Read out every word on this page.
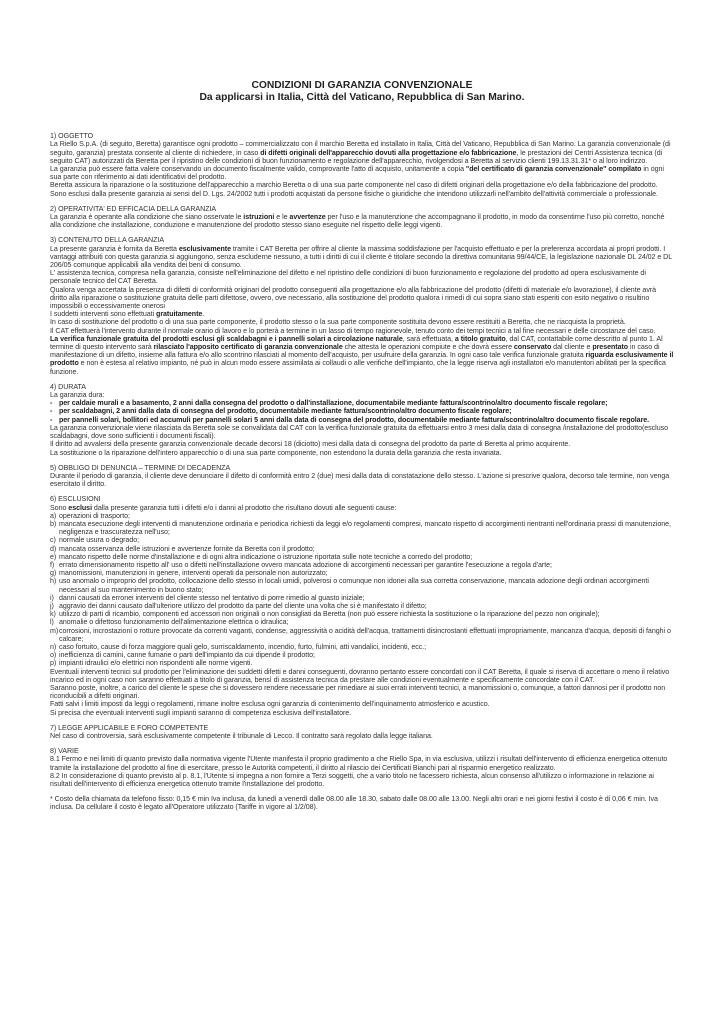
CONDIZIONI DI GARANZIA CONVENZIONALE
Da applicarsi in Italia, Città del Vaticano, Repubblica di San Marino.

1) OGGETTO

La Riello S.p.A. (di seguito, Beretta) garantisce ogni prodotto – commercializzato con il marchio Beretta ed installato in Italia, Città del Vaticano, Repubblica di San Marino. La garanzia convenzionale (di seguito, garanzia) prestata consente al cliente di richiedere, in caso di difetti originali dell'apparecchio dovuti alla progettazione e/o fabbricazione, le prestazioni dei Centri Assistenza tecnica (di seguito CAT) autorizzati da Beretta per il ripristino delle condizioni di buon funzionamento e regolazione dell'apparecchio, rivolgendosi a Beretta al servizio clienti 199.13.31.31* o al loro indirizzo.

La garanzia può essere fatta valere conservando un documento fiscalmente valido, comprovante l'atto di acquisto, unitamente a copia "del certificato di garanzia convenzionale" compilato in ogni sua parte con riferimento ai dati identificativi del prodotto.

Beretta assicura la riparazione o la sostituzione dell'apparecchio a marchio Beretta o di una sua parte componente nel caso di difetti originari della progettazione e/o della fabbricazione del prodotto.

Sono esclusi dalla presente garanzia ai sensi del D. Lgs. 24/2002 tutti i prodotti acquistati da persone fisiche o giuridiche che intendono utilizzarli nell'ambito dell'attività commerciale o professionale.

2) OPERATIVITA' ED EFFICACIA DELLA GARANZIA

La garanzia è operante alla condizione che siano osservate le istruzioni e le avvertenze per l'uso e la manutenzione che accompagnano il prodotto, in modo da consentirne l'uso più corretto, nonché alla condizione che installazione, conduzione e manutenzione del prodotto stesso siano eseguite nel rispetto delle leggi vigenti.

3) CONTENUTO DELLA GARANZIA

La presente garanzia è fornita da Beretta esclusivamente tramite i CAT Beretta per offrire al cliente la massima soddisfazione per l'acquisto effettuato e per la preferenza accordata ai propri prodotti. I vantaggi attribuiti con questa garanzia si aggiungono, senza escluderne nessuno, a tutti i diritti di cui il cliente è titolare secondo la direttiva comunitaria 99/44/CE, la legislazione nazionale DL 24/02 e DL 206/05 comunque applicabili alla vendita dei beni di consumo.

L' assistenza tecnica, compresa nella garanzia, consiste nell'eliminazione del difetto e nel ripristino delle condizioni di buon funzionamento e regolazione del prodotto ad opera esclusivamente di personale tecnico del CAT Beretta.

Qualora venga accertata la presenza di difetti di conformità originari del prodotto conseguenti alla progettazione e/o alla fabbricazione del prodotto (difetti di materiale e/o lavorazione), il cliente avrà diritto alla riparazione o sostituzione gratuita delle parti difettose, ovvero, ove necessario, alla sostituzione del prodotto qualora i rimedi di cui sopra siano stati esperiti con esito negativo o risultino impossibili o eccessivamente onerosi

I suddetti interventi sono effettuati gratuitamente.

In caso di sostituzione del prodotto o di una sua parte componente, il prodotto stesso o la sua parte componente sostituita devono essere restituiti a Beretta, che ne riacquista la proprietà.

Il CAT effettuerà l'intervento durante il normale orario di lavoro e lo porterà a termine in un lasso di tempo ragionevole, tenuto conto dei tempi tecnici a tal fine necessari e delle circostanze del caso.

La verifica funzionale gratuita del prodotti esclusi gli scaldabagni e i pannelli solari a circolazione naturale, sarà effettuata, a titolo gratuito, dal CAT, contattabile come descritto al punto 1. Al termine di questo intervento sarà rilasciato l'apposito certificato di garanzia convenzionale che attesta le operazioni compiute e che dovrà essere conservato dal cliente e presentato in caso di manifestazione di un difetto, insieme alla fattura e/o allo scontrino rilasciati al momento dell'acquisto, per usufruire della garanzia. In ogni caso tale verifica funzionale gratuita riguarda esclusivamente il prodotto e non è estesa al relativo impianto, né può in alcun modo essere assimilata ai collaudi o alle verifiche dell'impianto, che la legge riserva agli installatori e/o manutentori abilitati per la specifica funzione.

4) DURATA

La garanzia dura:

- per caldaie murali e a basamento, 2 anni dalla consegna del prodotto o dall'installazione, documentabile mediante fattura/scontrino/altro documento fiscale regolare;
- per scaldabagni, 2 anni dalla data di consegna del prodotto, documentabile mediante fattura/scontrino/altro documento fiscale regolare;
- per pannelli solari, bollitori ed accumuli per pannelli solari 5 anni dalla data di consegna del prodotto, documentabile mediante fattura/scontrino/altro documento fiscale regolare.

La garanzia convenzionale viene rilasciata da Beretta sole se convalidata dal CAT con la verifica funzionale gratuita da effettuarsi entro 3 mesi dalla data di consegna /installazione del prodotto(escluso scaldabagni, dove sono sufficienti i documenti fiscali).

Il diritto ad avvalersi della presente garanzia convenzionale decade decorsi 18 (diciotto) mesi dalla data di consegna del prodotto da parte di Beretta al primo acquirente.

La sostituzione o la riparazione dell'intero apparecchio o di una sua parte componente, non estendono la durata della garanzia che resta invariata.

5) OBBLIGO DI DENUNCIA – TERMINE DI DECADENZA

Durante il periodo di garanzia, il cliente deve denunciare il difetto di conformità entro 2 (due) mesi dalla data di constatazione dello stesso. L'azione si prescrive qualora, decorso tale termine, non venga esercitato il diritto.

6) ESCLUSIONI

Sono esclusi dalla presente garanzia tutti i difetti e/o i danni al prodotto che risultano dovuti alle seguenti cause:

a) operazioni di trasporto;
b) mancata esecuzione degli interventi di manutenzione ordinaria e periodica richiesti da leggi e/o regolamenti compresi, mancato rispetto di accorgimenti rientranti nell'ordinaria prassi di manutenzione, negligenza e trascuratezza nell'uso;
c) normale usura o degrado;
d) mancata osservanza delle istruzioni e avvertenze fornite da Beretta con il prodotto;
e) mancato rispetto delle norme d'installazione e di ogni altra indicazione o istruzione riportata sulle note tecniche a corredo del prodotto;
f) errato dimensionamento rispetto all' uso o difetti nell'installazione ovvero mancata adozione di accorgimenti necessari per garantire l'esecuzione a regola d'arte;
g) manomissioni, manutenzioni in genere, interventi operati da personale non autorizzato;
h) uso anomalo o improprio del prodotto, collocazione dello stesso in locali umidi, polverosi o comunque non idonei alla sua corretta conservazione, mancata adozione degli ordinari accorgimenti necessari al suo mantenimento in buono stato;
i) danni causati da erronei interventi del cliente stesso nel tentativo di porre rimedio al guasto iniziale;
j) aggravio dei danni causato dall'ulteriore utilizzo del prodotto da parte del cliente una volta che si è manifestato il difetto;
k) utilizzo di parti di ricambio, componenti ed accessori non originali o non consigliati da Beretta (non può essere richiesta la sostituzione o la riparazione del pezzo non originale);
l) anomalie o difettoso funzionamento dell'alimentazione elettrica o idraulica;
m) corrosioni, incrostazioni o rotture provocate da correnti vaganti, condense, aggressività o acidità dell'acqua, trattamenti disincrostanti effettuati impropriamente, mancanza d'acqua, depositi di fanghi o calcare;
n) caso fortuito, cause di forza maggiore quali gelo, surriscaldamento, incendio, furto, fulmini, atti vandalici, incidenti, ecc.;
o) inefficienza di camini, canne fumarie o parti dell'impianto da cui dipende il prodotto;
p) impianti idraulici e/o elettrici non rispondenti alle norme vigenti.

Eventuali interventi tecnici sul prodotto per l'eliminazione dei suddetti difetti e danni conseguenti, dovranno pertanto essere concordati con il CAT Beretta, il quale si riserva di accettare o meno il relativo incarico ed in ogni caso non saranno effettuati a titolo di garanzia, bensì di assistenza tecnica da prestare alle condizioni eventualmente e specificamente concordate con il CAT.

Saranno poste, inoltre, a carico del cliente le spese che si dovessero rendere necessarie per rimediare ai suoi errati interventi tecnici, a manomissioni o, comunque, a fattori dannosi per il prodotto non riconducibili a difetti originari.

Fatti salvi i limiti imposti da leggi o regolamenti, rimane inoltre esclusa ogni garanzia di contenimento dell'inquinamento atmosferico e acustico.

Si precisa che eventuali interventi sugli impianti saranno di competenza esclusiva dell'installatore.

7) LEGGE APPLICABILE E FORO COMPETENTE

Nel caso di controversia, sarà esclusivamente competente il tribunale di Lecco. Il contratto sarà regolato dalla legge italiana.

8) VARIE

8.1 Fermo e nei limiti di quanto previsto dalla normativa vigente l'Utente manifesta il proprio gradimento a che Riello Spa, in via esclusiva, utilizzi i risultati dell'intervento di efficienza energetica ottenuto tramite la installazione del prodotto al fine di esercitare, presso le Autorità competenti, il diritto al rilascio dei Certificati Bianchi pari al risparmio energetico realizzato.

8.2 In considerazione di quanto previsto al p. 8.1, l'Utente si impegna a non fornire a Terzi soggetti, che a vario titolo ne facessero richiesta, alcun consenso all'utilizzo o informazione in relazione ai risultati dell'intervento di efficienza energetica ottenuto tramite l'installazione del prodotto.

* Costo della chiamata da telefono fisso: 0,15 € min Iva inclusa, da lunedì a venerdì dalle 08.00 alle 18.30, sabato dalle 08.00 alle 13.00. Negli altri orari e nei giorni festivi il costo è di 0,06 € min. Iva inclusa. Da cellulare il costo è legato all'Operatore utilizzato (Tariffe in vigore al 1/2/08).
